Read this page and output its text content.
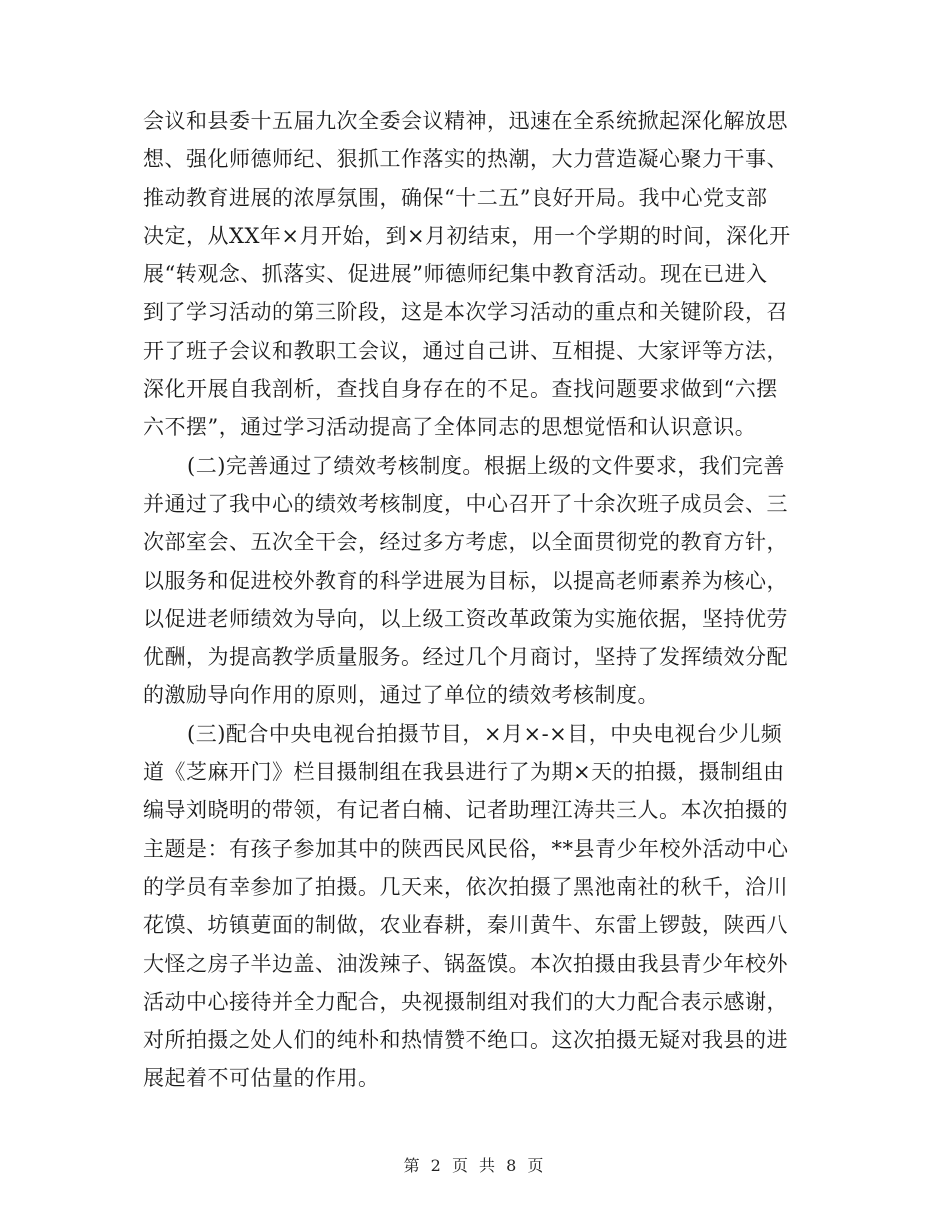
会议和县委十五届九次全委会议精神，迅速在全系统掀起深化解放思
想、强化师德师纪、狠抓工作落实的热潮，大力营造凝心聚力干事、
推动教育进展的浓厚氛围，确保“十二五”良好开局。我中心党支部
决定，从XX年×月开始，到×月初结束，用一个学期的时间，深化开
展“转观念、抓落实、促进展”师德师纪集中教育活动。现在已进入
到了学习活动的第三阶段，这是本次学习活动的重点和关键阶段，召
开了班子会议和教职工会议，通过自己讲、互相提、大家评等方法，
深化开展自我剖析，查找自身存在的不足。查找问题要求做到“六摆
六不摆”，通过学习活动提高了全体同志的思想觉悟和认识意识。
(二)完善通过了绩效考核制度。根据上级的文件要求，我们完善
并通过了我中心的绩效考核制度，中心召开了十余次班子成员会、三
次部室会、五次全干会，经过多方考虑，以全面贯彻党的教育方针，
以服务和促进校外教育的科学进展为目标，以提高老师素养为核心，
以促进老师绩效为导向，以上级工资改革政策为实施依据，坚持优劳
优酬，为提高教学质量服务。经过几个月商讨，坚持了发挥绩效分配
的激励导向作用的原则，通过了单位的绩效考核制度。
(三)配合中央电视台拍摄节目，×月×-×目，中央电视台少儿频
道《芝麻开门》栏目摄制组在我县进行了为期×天的拍摄，摄制组由
编导刘晓明的带领，有记者白楠、记者助理江涛共三人。本次拍摄的
主题是：有孩子参加其中的陕西民风民俗，**县青少年校外活动中心
的学员有幸参加了拍摄。几天来，依次拍摄了黑池南社的秋千，洽川
花馍、坊镇莄面的制做，农业春耕，秦川黄牛、东雷上锣鼓，陕西八
大怪之房子半边盖、油泼辣子、锅盔馍。本次拍摄由我县青少年校外
活动中心接待并全力配合，央视摄制组对我们的大力配合表示感谢，
对所拍摄之处人们的纯朴和热情赞不绝口。这次拍摄无疑对我县的进
展起着不可估量的作用。
第 2 页 共 8 页
